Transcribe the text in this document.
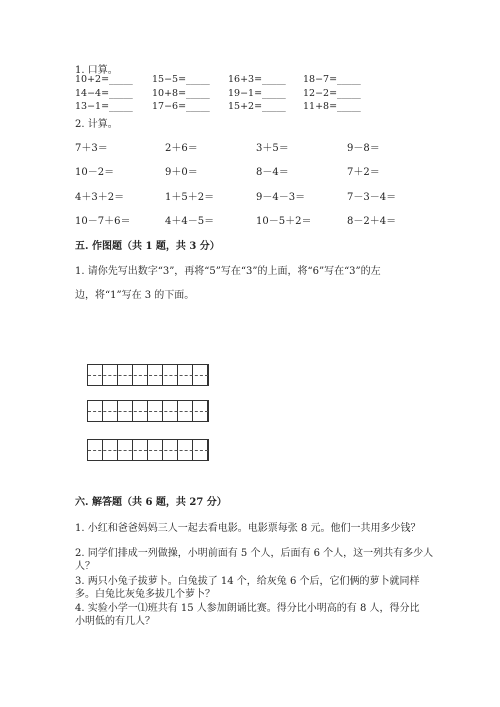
1. 口算。
10+2=_____ 15−5=_____ 16+3=_____ 18−7=_____
14−4=_____ 10+8=_____ 19−1=_____ 12−2=_____
13−1=_____ 17−6=_____ 15+2=_____ 11+8=_____
2. 计算。
7＋3＝	2＋6＝	3＋5＝	9－8＝
10－2＝	9＋0＝	8－4＝	7＋2＝
4＋3＋2＝	1＋5＋2＝	9－4－3＝	7－3－4＝
10－7＋6＝	4＋4－5＝	10－5＋2＝	8－2＋4＝
五. 作图题（共 1 题，共 3 分）
1. 请你先写出数字“3”，再将“5”写在“3”的上面，将“6”写在“3”的左
边，将“1”写在 3 的下面。
六. 解答题（共 6 题，共 27 分）
1. 小红和爸爸妈妈三人一起去看电影。电影票每张 8 元。他们一共用多少钱？
2. 同学们排成一列做操，小明前面有 5 个人，后面有 6 个人，这一列共有多少人
人？
3. 两只小兔子拔萝卜。白兔拔了 14 个，给灰兔 6 个后，它们俩的萝卜就同样
多。白兔比灰兔多拔几个萝卜？
4. 实验小学一⑴班共有 15 人参加朗诵比赛。得分比小明高的有 8 人，得分比
小明低的有几人？
